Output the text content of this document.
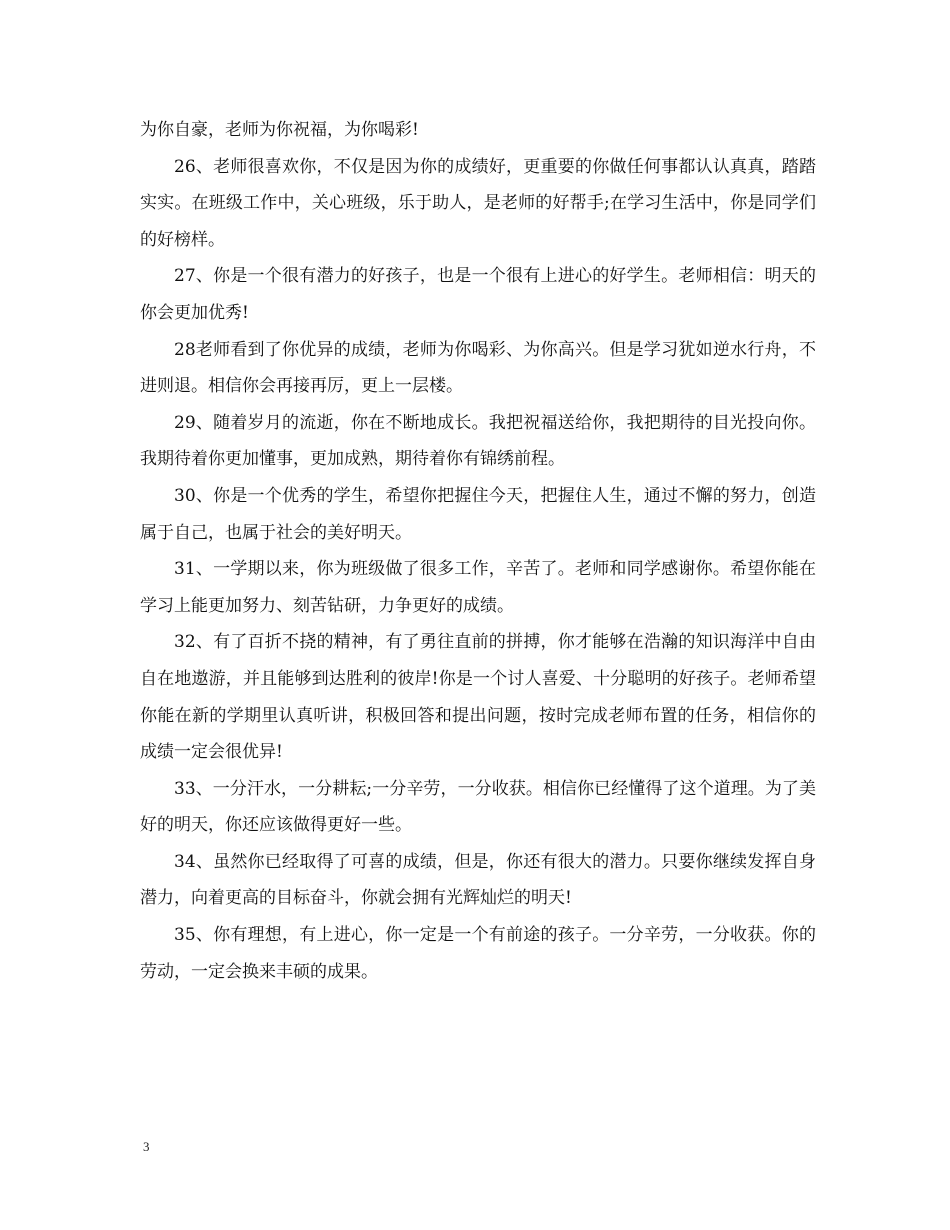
为你自豪，老师为你祝福，为你喝彩!

26、老师很喜欢你，不仅是因为你的成绩好，更重要的你做任何事都认认真真，踏踏实实。在班级工作中，关心班级，乐于助人，是老师的好帮手;在学习生活中，你是同学们的好榜样。

27、你是一个很有潜力的好孩子，也是一个很有上进心的好学生。老师相信：明天的你会更加优秀!

28老师看到了你优异的成绩，老师为你喝彩、为你高兴。但是学习犹如逆水行舟，不进则退。相信你会再接再厉，更上一层楼。

29、随着岁月的流逝，你在不断地成长。我把祝福送给你，我把期待的目光投向你。我期待着你更加懂事，更加成熟，期待着你有锦绣前程。

30、你是一个优秀的学生，希望你把握住今天，把握住人生，通过不懈的努力，创造属于自己，也属于社会的美好明天。

31、一学期以来，你为班级做了很多工作，辛苦了。老师和同学感谢你。希望你能在学习上能更加努力、刻苦钻研，力争更好的成绩。

32、有了百折不挠的精神，有了勇往直前的拼搏，你才能够在浩瀚的知识海洋中自由自在地遨游，并且能够到达胜利的彼岸!你是一个讨人喜爱、十分聪明的好孩子。老师希望你能在新的学期里认真听讲，积极回答和提出问题，按时完成老师布置的任务，相信你的成绩一定会很优异!

33、一分汗水，一分耕耘;一分辛劳，一分收获。相信你已经懂得了这个道理。为了美好的明天，你还应该做得更好一些。

34、虽然你已经取得了可喜的成绩，但是，你还有很大的潜力。只要你继续发挥自身潜力，向着更高的目标奋斗，你就会拥有光辉灿烂的明天!

35、你有理想，有上进心，你一定是一个有前途的孩子。一分辛劳，一分收获。你的劳动，一定会换来丰硕的成果。

3
